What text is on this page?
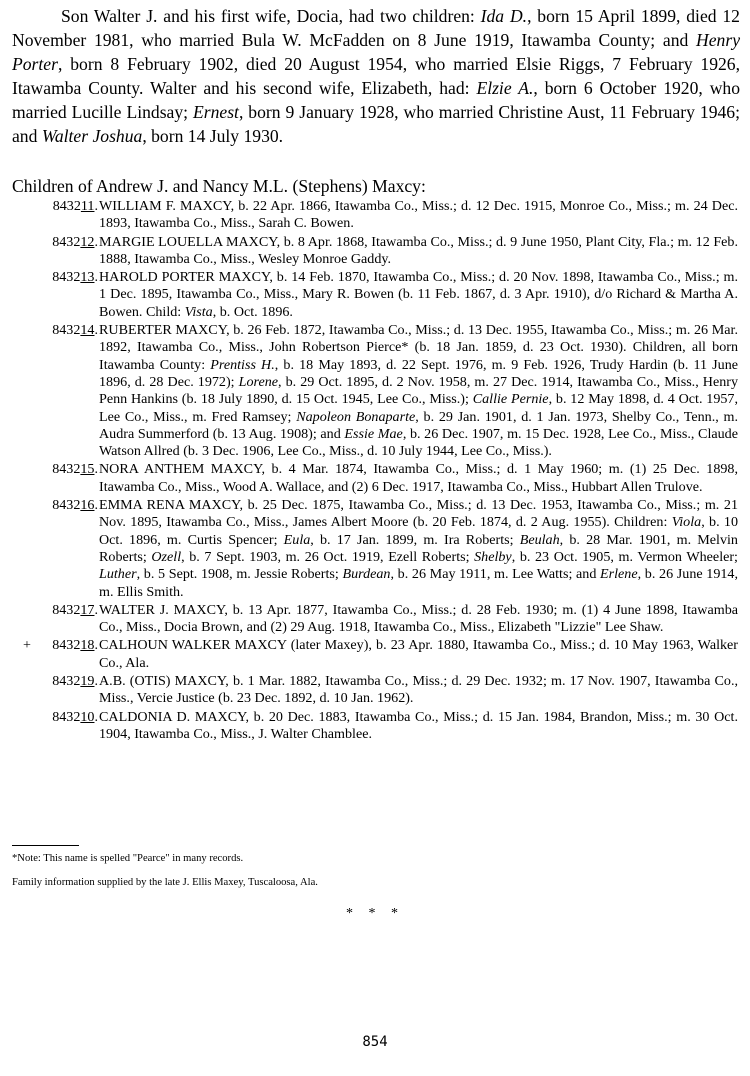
Son Walter J. and his first wife, Docia, had two children: Ida D., born 15 April 1899, died 12 November 1981, who married Bula W. McFadden on 8 June 1919, Itawamba County; and Henry Porter, born 8 February 1902, died 20 August 1954, who married Elsie Riggs, 7 February 1926, Itawamba County. Walter and his second wife, Elizabeth, had: Elzie A., born 6 October 1920, who married Lucille Lindsay; Ernest, born 9 January 1928, who married Christine Aust, 11 February 1946; and Walter Joshua, born 14 July 1930.

Children of Andrew J. and Nancy M.L. (Stephens) Maxcy:

843211. WILLIAM F. MAXCY, b. 22 Apr. 1866, Itawamba Co., Miss.; d. 12 Dec. 1915, Monroe Co., Miss.; m. 24 Dec. 1893, Itawamba Co., Miss., Sarah C. Bowen.
843212. MARGIE LOUELLA MAXCY, b. 8 Apr. 1868, Itawamba Co., Miss.; d. 9 June 1950, Plant City, Fla.; m. 12 Feb. 1888, Itawamba Co., Miss., Wesley Monroe Gaddy.
843213. HAROLD PORTER MAXCY, b. 14 Feb. 1870, Itawamba Co., Miss.; d. 20 Nov. 1898, Itawamba Co., Miss.; m. 1 Dec. 1895, Itawamba Co., Miss., Mary R. Bowen (b. 11 Feb. 1867, d. 3 Apr. 1910), d/o Richard & Martha A. Bowen. Child: Vista, b. Oct. 1896.
843214. RUBERTER MAXCY, b. 26 Feb. 1872, Itawamba Co., Miss.; d. 13 Dec. 1955, Itawamba Co., Miss.; m. 26 Mar. 1892, Itawamba Co., Miss., John Robertson Pierce* (b. 18 Jan. 1859, d. 23 Oct. 1930). Children, all born Itawamba County: Prentiss H., b. 18 May 1893, d. 22 Sept. 1976, m. 9 Feb. 1926, Trudy Hardin (b. 11 June 1896, d. 28 Dec. 1972); Lorene, b. 29 Oct. 1895, d. 2 Nov. 1958, m. 27 Dec. 1914, Itawamba Co., Miss., Henry Penn Hankins (b. 18 July 1890, d. 15 Oct. 1945, Lee Co., Miss.); Callie Pernie, b. 12 May 1898, d. 4 Oct. 1957, Lee Co., Miss., m. Fred Ramsey; Napoleon Bonaparte, b. 29 Jan. 1901, d. 1 Jan. 1973, Shelby Co., Tenn., m. Audra Summerford (b. 13 Aug. 1908); and Essie Mae, b. 26 Dec. 1907, m. 15 Dec. 1928, Lee Co., Miss., Claude Watson Allred (b. 3 Dec. 1906, Lee Co., Miss., d. 10 July 1944, Lee Co., Miss.).
843215. NORA ANTHEM MAXCY, b. 4 Mar. 1874, Itawamba Co., Miss.; d. 1 May 1960; m. (1) 25 Dec. 1898, Itawamba Co., Miss., Wood A. Wallace, and (2) 6 Dec. 1917, Itawamba Co., Miss., Hubbart Allen Trulove.
843216. EMMA RENA MAXCY, b. 25 Dec. 1875, Itawamba Co., Miss.; d. 13 Dec. 1953, Itawamba Co., Miss.; m. 21 Nov. 1895, Itawamba Co., Miss., James Albert Moore (b. 20 Feb. 1874, d. 2 Aug. 1955). Children: Viola, b. 10 Oct. 1896, m. Curtis Spencer; Eula, b. 17 Jan. 1899, m. Ira Roberts; Beulah, b. 28 Mar. 1901, m. Melvin Roberts; Ozell, b. 7 Sept. 1903, m. 26 Oct. 1919, Ezell Roberts; Shelby, b. 23 Oct. 1905, m. Vermon Wheeler; Luther, b. 5 Sept. 1908, m. Jessie Roberts; Burdean, b. 26 May 1911, m. Lee Watts; and Erlene, b. 26 June 1914, m. Ellis Smith.
843217. WALTER J. MAXCY, b. 13 Apr. 1877, Itawamba Co., Miss.; d. 28 Feb. 1930; m. (1) 4 June 1898, Itawamba Co., Miss., Docia Brown, and (2) 29 Aug. 1918, Itawamba Co., Miss., Elizabeth "Lizzie" Lee Shaw.
+ 843218. CALHOUN WALKER MAXCY (later Maxey), b. 23 Apr. 1880, Itawamba Co., Miss.; d. 10 May 1963, Walker Co., Ala.
843219. A.B. (OTIS) MAXCY, b. 1 Mar. 1882, Itawamba Co., Miss.; d. 29 Dec. 1932; m. 17 Nov. 1907, Itawamba Co., Miss., Vercie Justice (b. 23 Dec. 1892, d. 10 Jan. 1962).
843210. CALDONIA D. MAXCY, b. 20 Dec. 1883, Itawamba Co., Miss.; d. 15 Jan. 1984, Brandon, Miss.; m. 30 Oct. 1904, Itawamba Co., Miss., J. Walter Chamblee.
*Note: This name is spelled "Pearce" in many records.
Family information supplied by the late J. Ellis Maxey, Tuscaloosa, Ala.
* * *
854
